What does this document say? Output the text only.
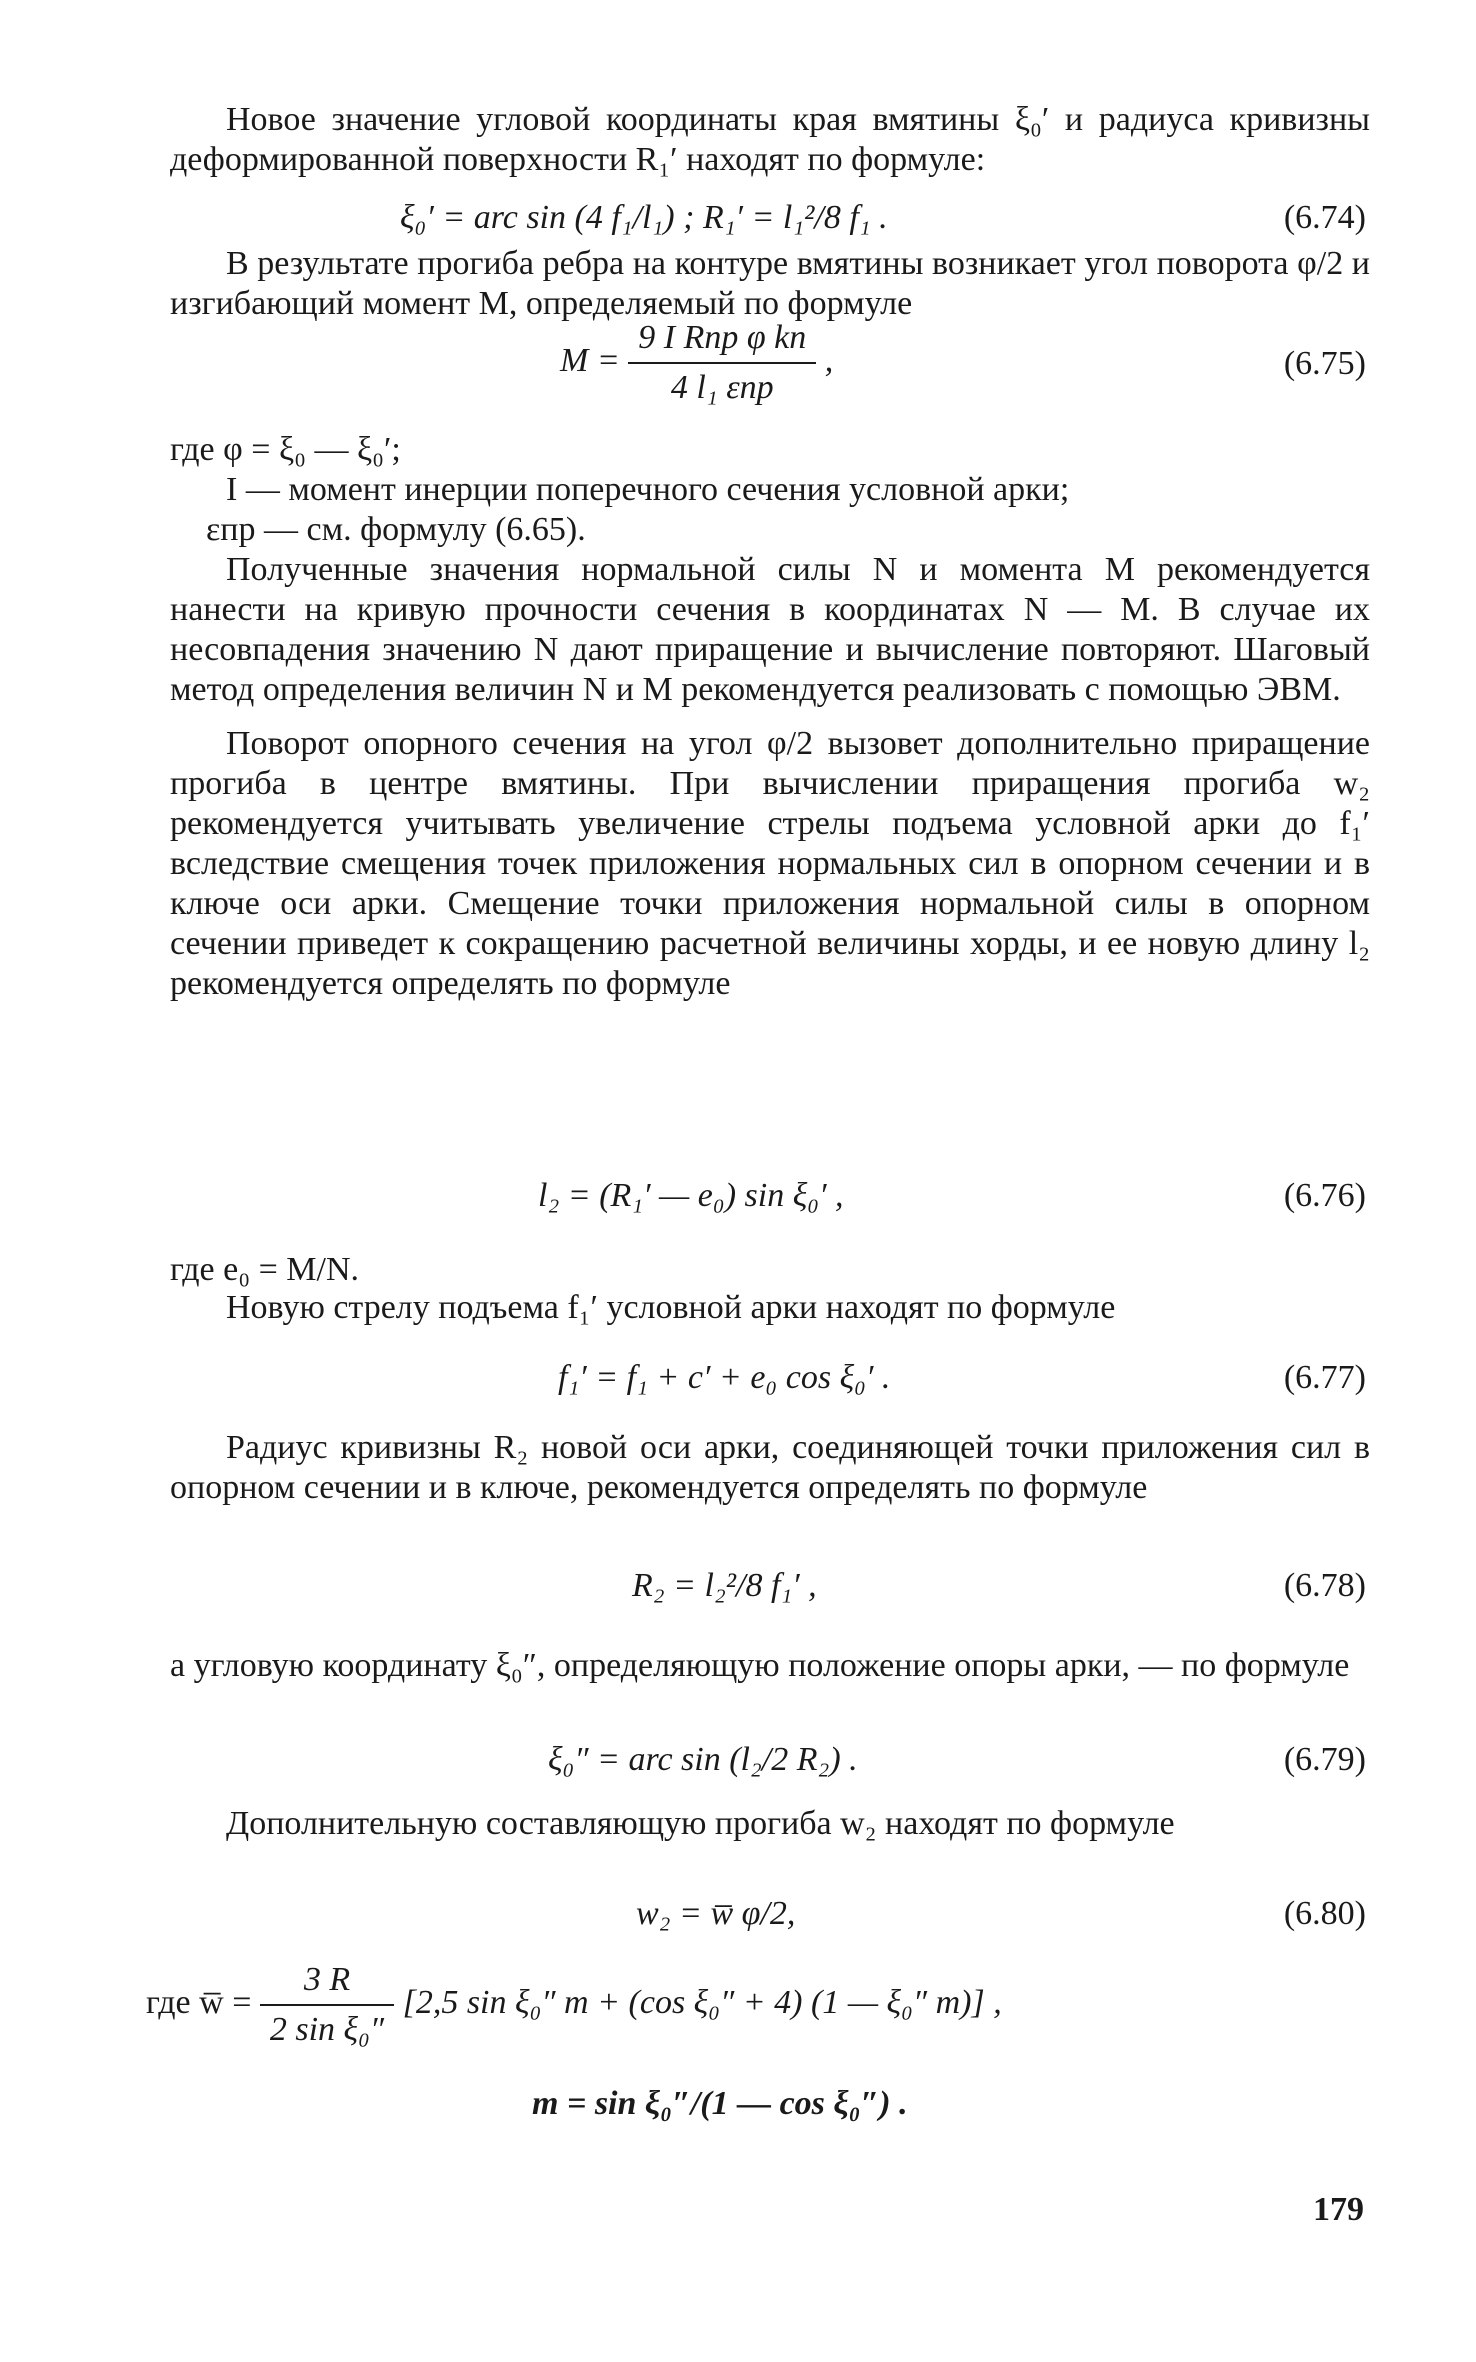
Новое значение угловой координаты края вмятины ξ₀′ и радиуса кривизны деформированной поверхности R₁′ находят по формуле:
ξ₀′ = arc sin (4 f₁/l₁) ; R₁′ = l₁²/8 f₁ .	(6.74)
В результате прогиба ребра на контуре вмятины возникает угол поворота φ/2 и изгибающий момент M, определяемый по формуле
$M = \frac{\text{9 I Rпр φ kп}}{\text{4 l₁ εпр}}$ ,	(6.75)
где φ = ξ₀ — ξ₀′;
I — момент инерции поперечного сечения условной арки;
εпр — см. формулу (6.65).
Полученные значения нормальной силы N и момента M рекомендуется нанести на кривую прочности сечения в координатах N — M. В случае их несовпадения значению N дают приращение и вычисление повторяют. Шаговый метод определения величин N и M рекомендуется реализовать с помощью ЭВМ.
Поворот опорного сечения на угол φ/2 вызовет дополнительно приращение прогиба в центре вмятины. При вычислении приращения прогиба w₂ рекомендуется учитывать увеличение стрелы подъема условной арки до f₁′ вследствие смещения точек приложения нормальных сил в опорном сечении и в ключе оси арки. Смещение точки приложения нормальной силы в опорном сечении приведет к сокращению расчетной величины хорды, и ее новую длину l₂ рекомендуется определять по формуле
l₂ = (R₁′ — e₀) sin ξ₀′ ,	(6.76)
где e₀ = M/N.
Новую стрелу подъема f₁′ условной арки находят по формуле
f₁′ = f₁ + c′ + e₀ cos ξ₀′ .	(6.77)
Радиус кривизны R₂ новой оси арки, соединяющей точки приложения сил в опорном сечении и в ключе, рекомендуется определять по формуле
R₂ = l₂²/8 f₁′ ,	(6.78)
а угловую координату ξ₀″, определяющую положение опоры арки, — по формуле
ξ₀″ = arc sin (l₂/2 R₂) .	(6.79)
Дополнительную составляющую прогиба w₂ находят по формуле
w₂ = w̅ φ/2,	(6.80)
где w̅ = $\frac{3 R}{\text{2 sin ξ₀″}} [2,5$ sin ξ₀″ m + (cos ξ₀″ + 4) (1 — ξ₀″ m)] ,
m = sin ξ₀″/(1 — cos ξ₀″) .
179
